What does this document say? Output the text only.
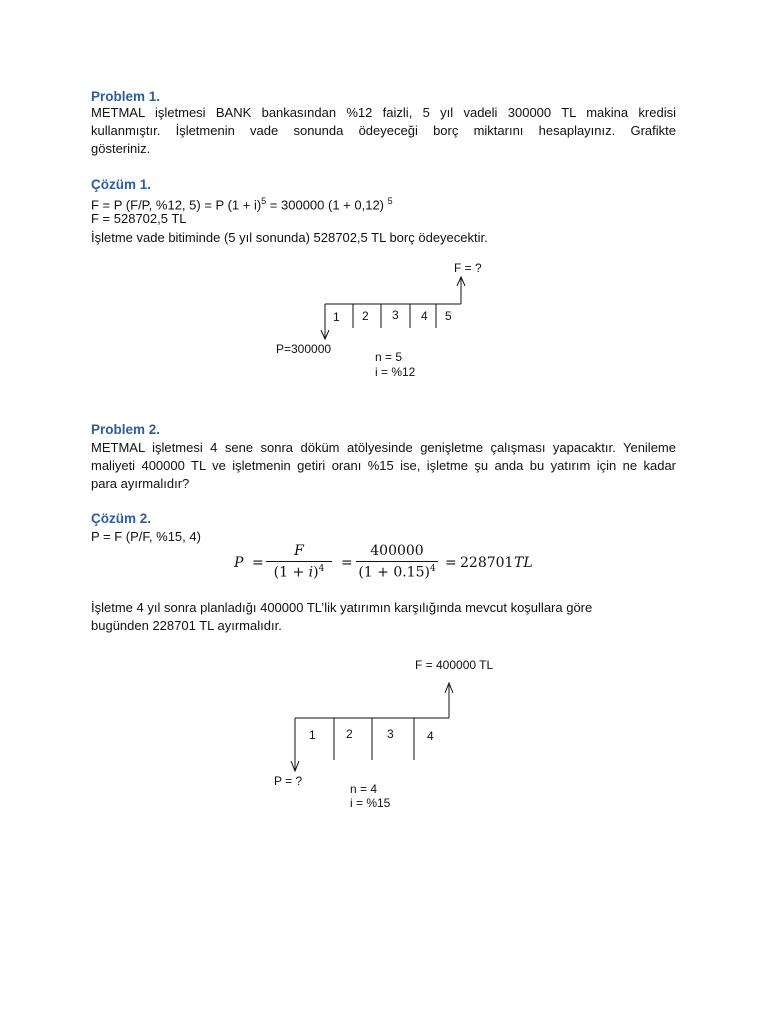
Problem 1.
METMAL işletmesi BANK bankasından %12 faizli, 5 yıl vadeli 300000 TL makina kredisi
kullanmıştır. İşletmenin vade sonunda ödeyeceği borç miktarını hesaplayınız. Grafikte
gösteriniz.
Çözüm 1.
F = P (F/P, %12, 5) = P $(1 + i)^5 = 300000$ (1 + 0,12) $^5$
F = 528702,5 TL
İşletme vade bitiminde (5 yıl sonunda) 528702,5 TL borç ödeyecektir.
F = ?
1 2 3 4 5
P=300000
n = 5
i = %12
F = 400000 TL
1	2	3	4
P = ?
n = 4
i = %15
Problem 2.
METMAL işletmesi 4 sene sonra döküm atölyesinde genişletme çalışması yapacaktır. Yenileme
maliyeti 400000 TL ve işletmenin getiri oranı %15 ise, işletme şu anda bu yatırım için ne kadar
para ayırmalıdır?
Çözüm 2.
P = F (P/F, %15, 4)
$P = \frac{F}{(1 + i)^4} = \frac{400000}{(1 + 0.15)^4} = 228701$ TL
İşletme 4 yıl sonra planladığı 400000 TL’lik yatırımın karşılığında mevcut koşullara göre
bugünden 228701 TL ayırmalıdır.
